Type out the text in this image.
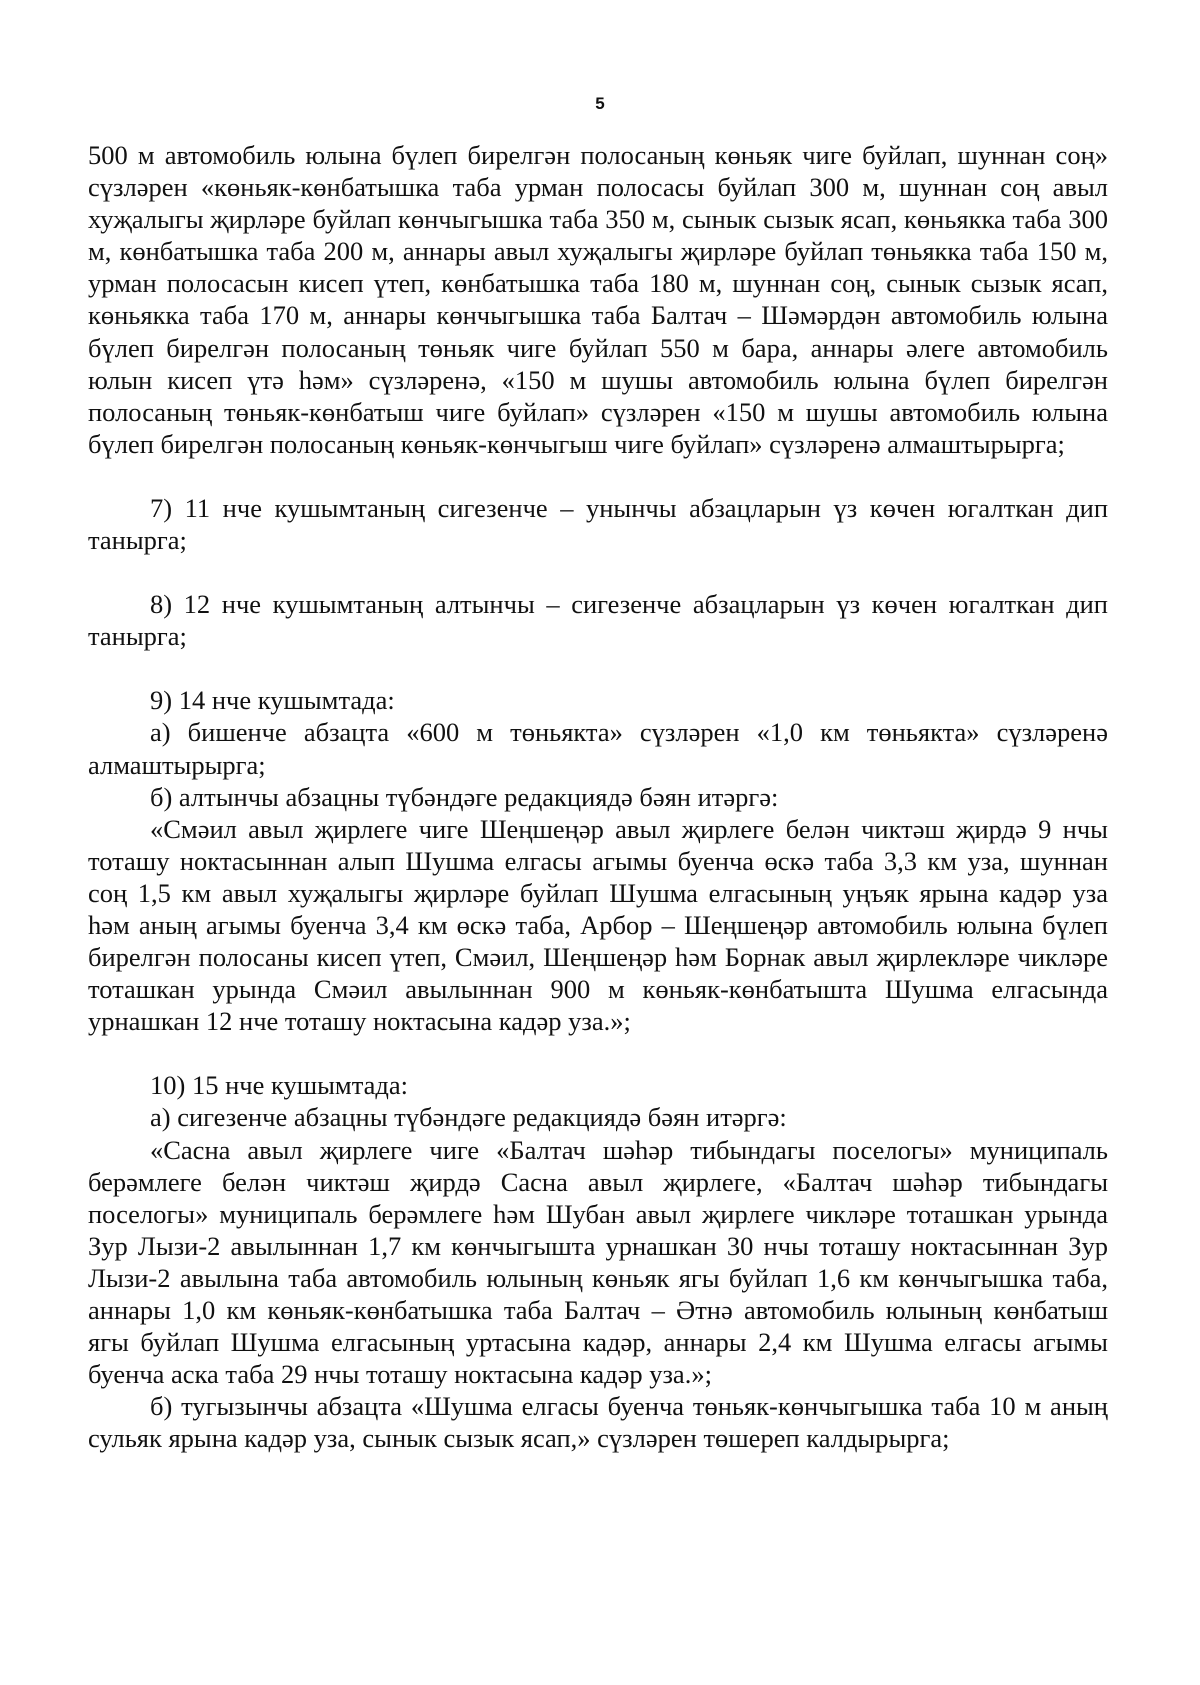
5

500 м автомобиль юлына бүлеп бирелгән полосаның көньяк чиге буйлап, шуннан соң» сүзләрен «көньяк-көнбатышка таба урман полосасы буйлап 300 м, шуннан соң авыл хуҗалыгы җирләре буйлап көнчыгышка таба 350 м, сынык сызык ясап, көньякка таба 300 м, көнбатышка таба 200 м, аннары авыл хуҗалыгы җирләре буйлап төньякка таба 150 м, урман полосасын кисеп үтеп, көнбатышка таба 180 м, шуннан соң, сынык сызык ясап, көньякка таба 170 м, аннары көнчыгышка таба Балтач – Шәмәрдән автомобиль юлына бүлеп бирелгән полосаның төньяк чиге буйлап 550 м бара, аннары әлеге автомобиль юлын кисеп үтә һәм» сүзләренә, «150 м шушы автомобиль юлына бүлеп бирелгән полосаның төньяк-көнбатыш чиге буйлап» сүзләрен «150 м шушы автомобиль юлына бүлеп бирелгән полосаның көньяк-көнчыгыш чиге буйлап» сүзләренә алмаштырырга;

7) 11 нче кушымтаның сигезенче – унынчы абзацларын үз көчен югалткан дип танырга;

8) 12 нче кушымтаның алтынчы – сигезенче абзацларын үз көчен югалткан дип танырга;

9) 14 нче кушымтада:

а) бишенче абзацта «600 м төньякта» сүзләрен «1,0 км төньякта» сүзләренә алмаштырырга;

б) алтынчы абзацны түбәндәге редакциядә бәян итәргә:

«Смәил авыл җирлеге чиге Шеңшеңәр авыл җирлеге белән чиктәш җирдә 9 нчы тоташу ноктасыннан алып Шушма елгасы агымы буенча өскә таба 3,3 км уза, шуннан соң 1,5 км авыл хуҗалыгы җирләре буйлап Шушма елгасының уңъяк ярына кадәр уза һәм аның агымы буенча 3,4 км өскә таба, Арбор – Шеңшеңәр автомобиль юлына бүлеп бирелгән полосаны кисеп үтеп, Смәил, Шеңшеңәр һәм Борнак авыл җирлекләре чикләре тоташкан урында Смәил авылыннан 900 м көньяк-көнбатышта Шушма елгасында урнашкан 12 нче тоташу ноктасына кадәр уза.»;

10) 15 нче кушымтада:

а) сигезенче абзацны түбәндәге редакциядә бәян итәргә:

«Сасна авыл җирлеге чиге «Балтач шәһәр тибындагы поселогы» муниципаль берәмлеге белән чиктәш җирдә Сасна авыл җирлеге, «Балтач шәһәр тибындагы поселогы» муниципаль берәмлеге һәм Шубан авыл җирлеге чикләре тоташкан урында Зур Лызи-2 авылыннан 1,7 км көнчыгышта урнашкан 30 нчы тоташу ноктасыннан Зур Лызи-2 авылына таба автомобиль юлының көньяк ягы буйлап 1,6 км көнчыгышка таба, аннары 1,0 км көньяк-көнбатышка таба Балтач – Әтнә автомобиль юлының көнбатыш ягы буйлап Шушма елгасының уртасына кадәр, аннары 2,4 км Шушма елгасы агымы буенча аска таба 29 нчы тоташу ноктасына кадәр уза.»;

б) тугызынчы абзацта «Шушма елгасы буенча төньяк-көнчыгышка таба 10 м аның сульяк ярына кадәр уза, сынык сызык ясап,» сүзләрен төшереп калдырырга;
